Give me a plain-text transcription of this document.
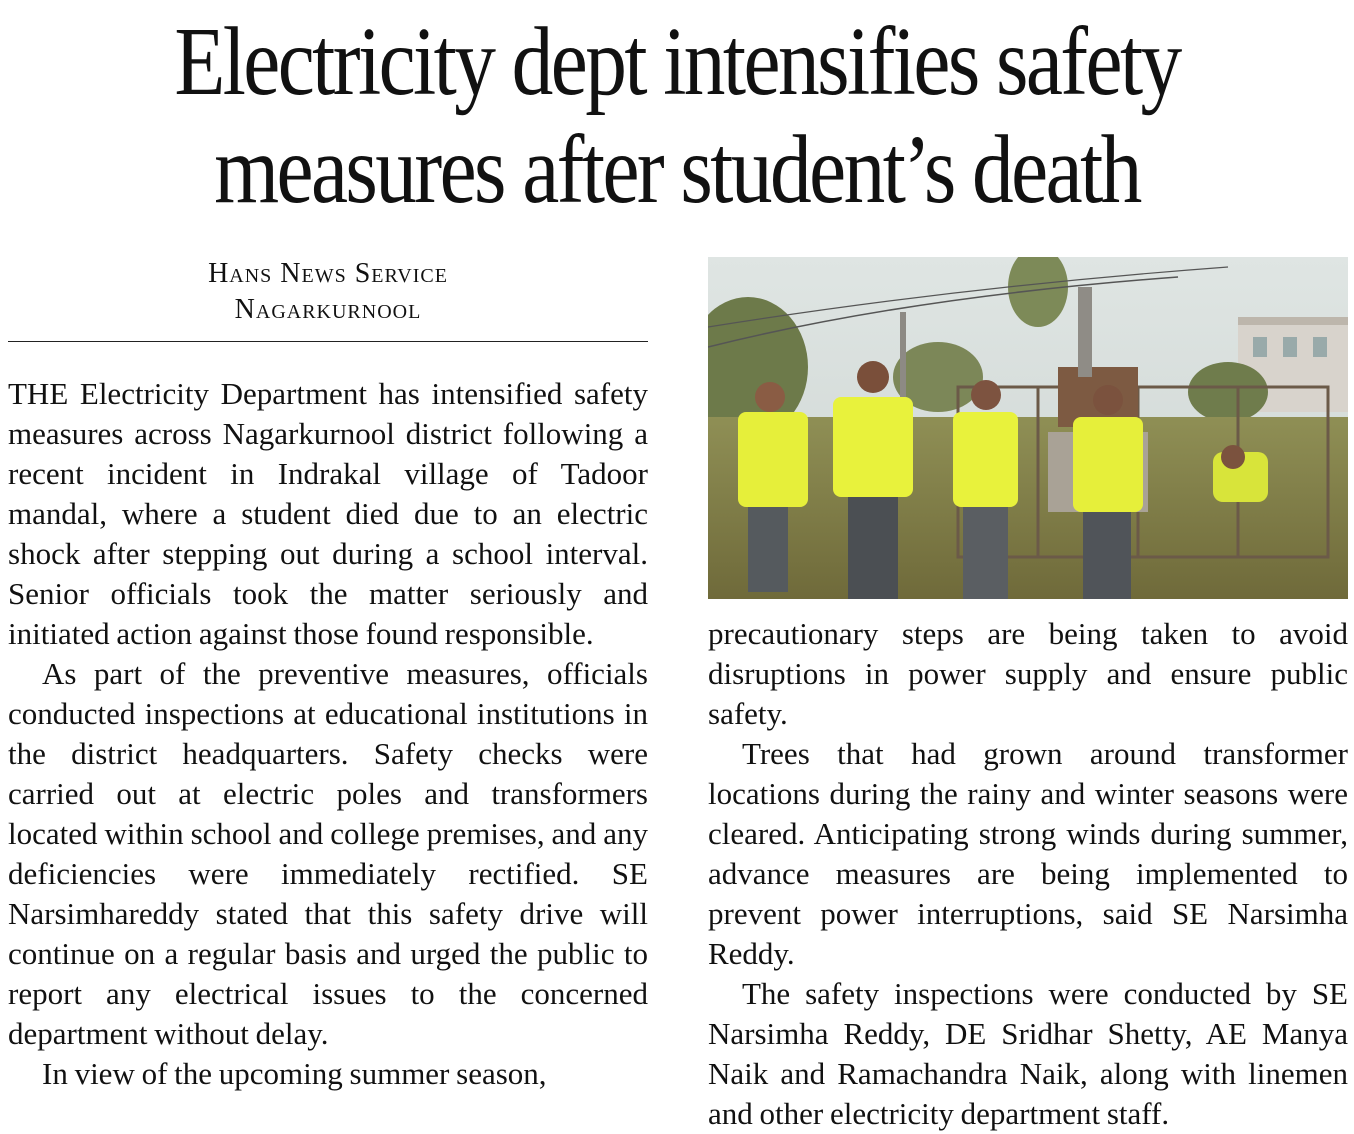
Electricity dept intensifies safety
measures after student’s death
Hans News Service
Nagarkurnool

THE Electricity Department has intensified safety measures across Nagarkurnool district following a recent incident in Indrakal village of Tadoor mandal, where a student died due to an electric shock after stepping out during a school interval. Senior officials took the matter seriously and initiated action against those found responsible.

As part of the preventive measures, officials conducted inspections at educational institutions in the district headquarters. Safety checks were carried out at electric poles and transformers located within school and college premises, and any deficiencies were immediately rectified. SE Narsimhareddy stated that this safety drive will continue on a regular basis and urged the public to report any electrical issues to the concerned department without delay.

In view of the upcoming summer season,

precautionary steps are being taken to avoid disruptions in power supply and ensure public safety.

Trees that had grown around transformer locations during the rainy and winter seasons were cleared. Anticipating strong winds during summer, advance measures are being implemented to prevent power interruptions, said SE Narsimha Reddy.

The safety inspections were conducted by SE Narsimha Reddy, DE Sridhar Shetty, AE Manya Naik and Ramachandra Naik, along with linemen and other electricity department staff.
